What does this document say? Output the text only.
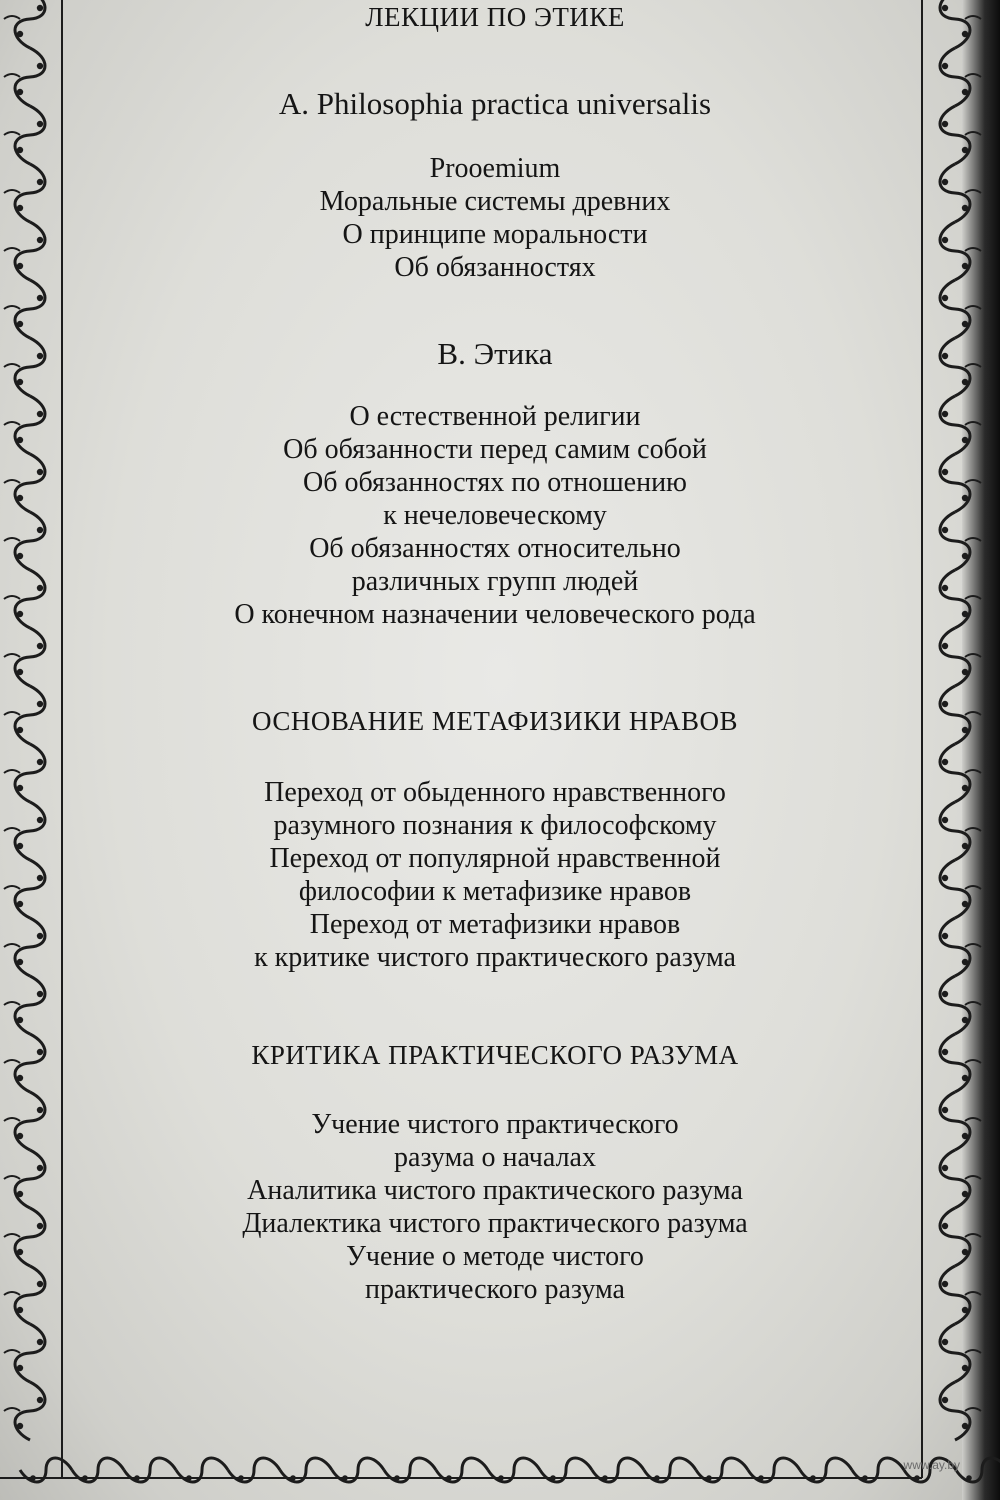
ЛЕКЦИИ ПО ЭТИКЕ
A. Philosophia practica universalis

Prooemium

Моральные системы древних

О принципе моральности

Об обязанностях

B. Этика

О естественной религии

Об обязанности перед самим собой

Об обязанностях по отношению

к нечеловеческому

Об обязанностях относительно

различных групп людей

О конечном назначении человеческого рода

ОСНОВАНИЕ МЕТАФИЗИКИ НРАВОВ

Переход от обыденного нравственного

разумного познания к философскому

Переход от популярной нравственной

философии к метафизике нравов

Переход от метафизики нравов

к критике чистого практического разума

КРИТИКА ПРАКТИЧЕСКОГО РАЗУМА

Учение чистого практического

разума о началах

Аналитика чистого практического разума

Диалектика чистого практического разума

Учение о методе чистого

практического разума

www.ay.by
